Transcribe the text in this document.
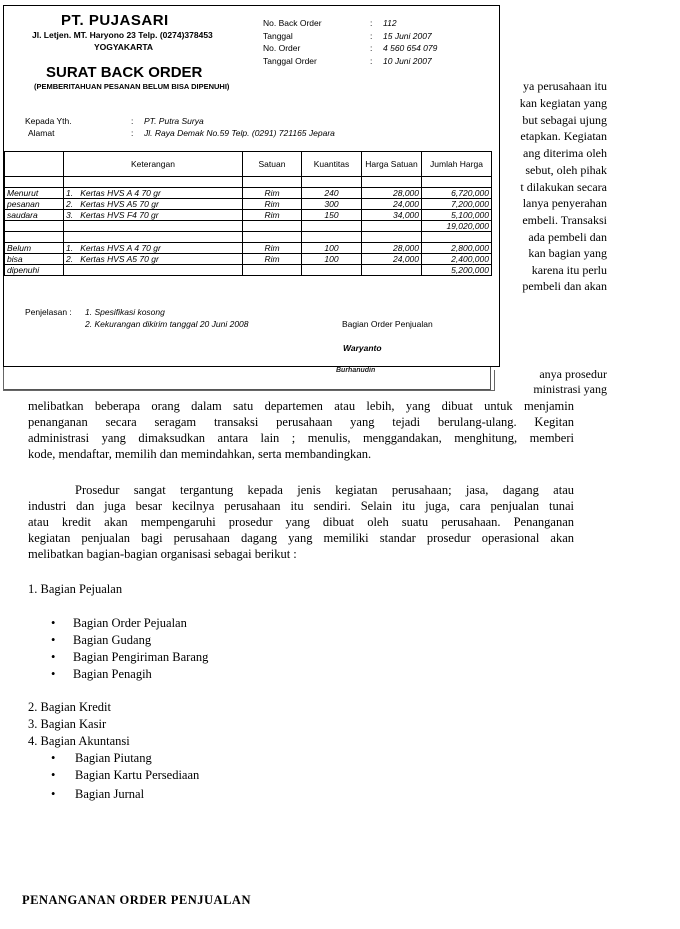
ya perusahaan itu
kan kegiatan yang
but sebagai ujung
etapkan. Kegiatan
ang diterima oleh
sebut, oleh pihak
t dilakukan secara
lanya penyerahan
embeli. Transaksi
ada pembeli dan
kan bagian yang
karena itu perlu
pembeli dan akan
anya prosedur
ministrasi yang
PT. PUJASARI
Jl. Letjen. MT. Haryono 23 Telp. (0274)378453
YOGYAKARTA
No. Back Order	: 112
Tanggal	: 15 Juni 2007
No. Order	: 4 560 654 079
Tanggal Order	: 10 Juni 2007
SURAT BACK ORDER
(PEMBERITAHUAN PESANAN BELUM BISA DIPENUHI)
Kepada Yth.	: PT. Putra Surya
Alamat	: Jl. Raya Demak No.59 Telp. (0291) 721165 Jepara
	Keterangan	Satuan	Kuantitas	Harga Satuan	Jumlah Harga

Menurut	1. Kertas HVS A 4 70 gr	Rim	240	28,000	6,720,000
pesanan	2. Kertas HVS A5 70 gr	Rim	300	24,000	7,200,000
saudara	3. Kertas HVS F4 70 gr	Rim	150	34,000	5,100,000
					19,020,000

Belum	1. Kertas HVS A 4 70 gr	Rim	100	28,000	2,800,000
bisa	2. Kertas HVS A5 70 gr	Rim	100	24,000	2,400,000
dipenuhi					5,200,000
Penjelasan : 1. Spesifikasi kosong
2. Kekurangan dikirim tanggal 20 Juni 2008	Bagian Order Penjualan
Waryanto
Burhanudin
melibatkan beberapa orang dalam satu departemen atau lebih, yang dibuat untuk menjamin
penanganan secara seragam transaksi perusahaan yang tejadi berulang-ulang. Kegitan
administrasi yang dimaksudkan antara lain ; menulis, menggandakan, menghitung, memberi
kode, mendaftar, memilih dan memindahkan, serta membandingkan.
Prosedur sangat tergantung kepada jenis kegiatan perusahaan; jasa, dagang atau
industri dan juga besar kecilnya perusahaan itu sendiri. Selain itu juga, cara penjualan tunai
atau kredit akan mempengaruhi prosedur yang dibuat oleh suatu perusahaan. Penanganan
kegiatan penjualan bagi perusahaan dagang yang memiliki standar prosedur operasional akan
melibatkan bagian-bagian organisasi sebagai berikut :
1. Bagian Pejualan
• Bagian Order Pejualan
• Bagian Gudang
• Bagian Pengiriman Barang
• Bagian Penagih
2. Bagian Kredit
3. Bagian Kasir
4. Bagian Akuntansi
• Bagian Piutang
• Bagian Kartu Persediaan
• Bagian Jurnal
PENANGANAN ORDER PENJUALAN
